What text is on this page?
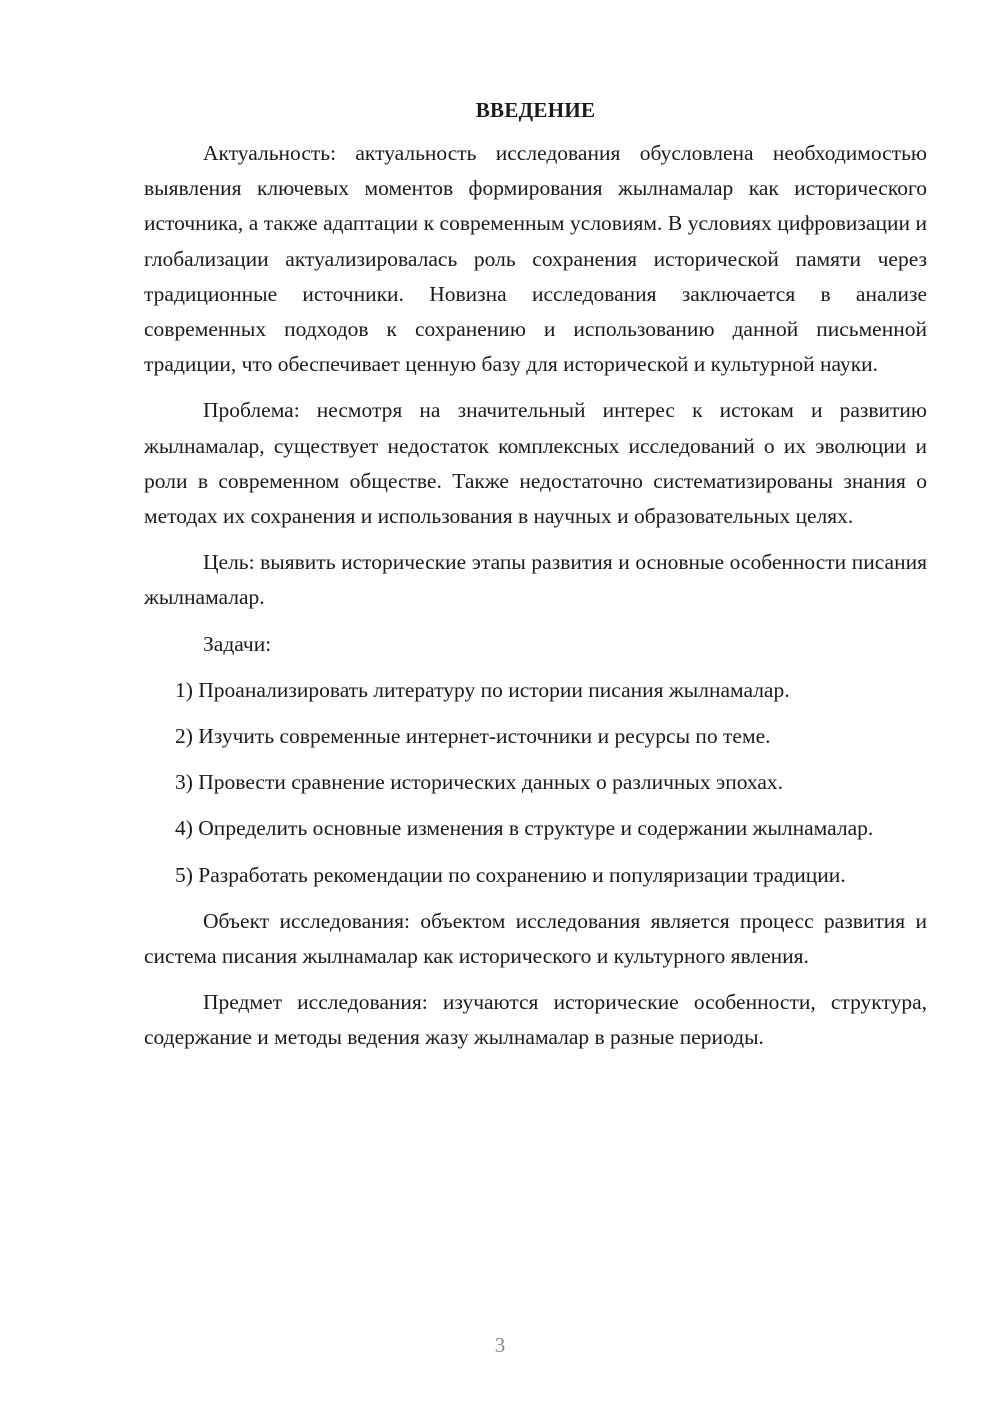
ВВЕДЕНИЕ

Актуальность: актуальность исследования обусловлена необходимостью выявления ключевых моментов формирования жылнамалар как исторического источника, а также адаптации к современным условиям. В условиях цифровизации и глобализации актуализировалась роль сохранения исторической памяти через традиционные источники. Новизна исследования заключается в анализе современных подходов к сохранению и использованию данной письменной традиции, что обеспечивает ценную базу для исторической и культурной науки.

Проблема: несмотря на значительный интерес к истокам и развитию жылнамалар, существует недостаток комплексных исследований о их эволюции и роли в современном обществе. Также недостаточно систематизированы знания о методах их сохранения и использования в научных и образовательных целях.

Цель: выявить исторические этапы развития и основные особенности писания жылнамалар.

Задачи:

1) Проанализировать литературу по истории писания жылнамалар.

2) Изучить современные интернет-источники и ресурсы по теме.

3) Провести сравнение исторических данных о различных эпохах.

4) Определить основные изменения в структуре и содержании жылнамалар.

5) Разработать рекомендации по сохранению и популяризации традиции.

Объект исследования: объектом исследования является процесс развития и система писания жылнамалар как исторического и культурного явления.

Предмет исследования: изучаются исторические особенности, структура, содержание и методы ведения жазу жылнамалар в разные периоды.

3
